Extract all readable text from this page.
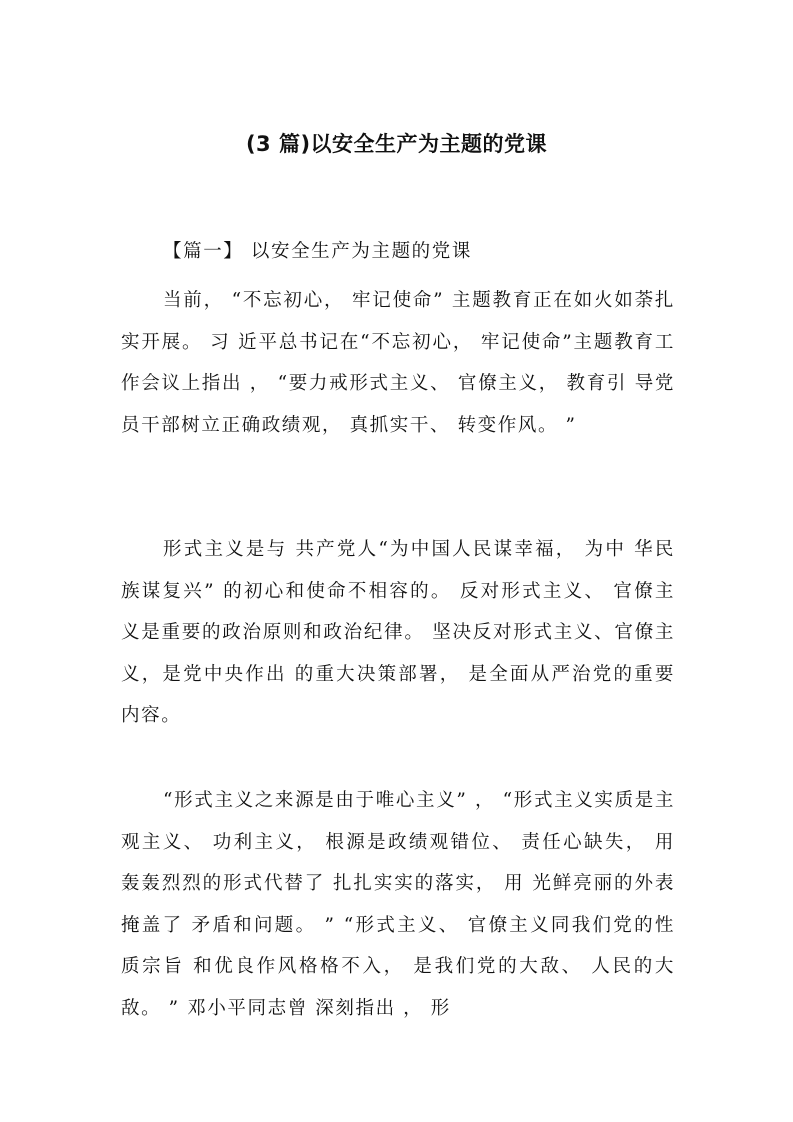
(3 篇)以安全生产为主题的党课

【篇一】 以安全生产为主题的党课

当前， “不忘初心， 牢记使命” 主题教育正在如火如荼扎实开展。 习 近平总书记在“不忘初心， 牢记使命”主题教育工作会议上指出 ， “要力戒形式主义、 官僚主义， 教育引 导党员干部树立正确政绩观， 真抓实干、 转变作风。 ”

形式主义是与 共产党人“为中国人民谋幸福， 为中 华民族谋复兴” 的初心和使命不相容的。 反对形式主义、 官僚主义是重要的政治原则和政治纪律。 坚决反对形式主义、官僚主义，是党中央作出 的重大决策部署， 是全面从严治党的重要内容。

“形式主义之来源是由于唯心主义” ， “形式主义实质是主观主义、 功利主义， 根源是政绩观错位、 责任心缺失， 用 轰轰烈烈的形式代替了 扎扎实实的落实， 用 光鲜亮丽的外表掩盖了 矛盾和问题。 ” “形式主义、 官僚主义同我们党的性质宗旨 和优良作风格格不入， 是我们党的大敌、 人民的大敌。 ” 邓小平同志曾 深刻指出 ， 形
